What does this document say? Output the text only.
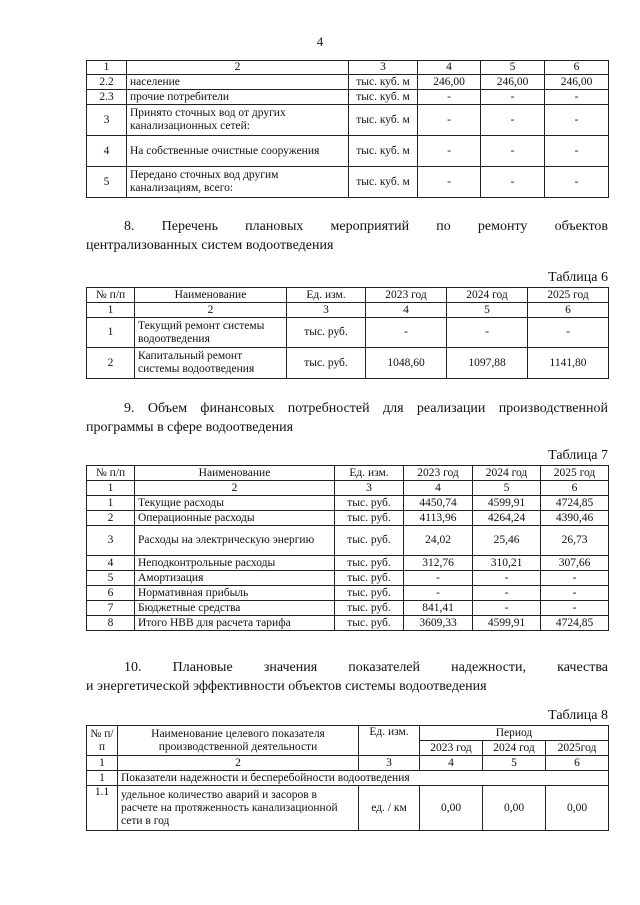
4
1	2	3	4	5	6
2.2	население	тыс. куб. м	246,00	246,00	246,00
2.3	прочие потребители	тыс. куб. м	-	-	-
3	Принято сточных вод от других канализационных сетей:	тыс. куб. м	-	-	-
4	На собственные очистные сооружения	тыс. куб. м	-	-	-
5	Передано сточных вод другим канализациям, всего:	тыс. куб. м	-	-	-
8. Перечень плановых мероприятий по ремонту объектов
централизованных систем водоотведения
Таблица 6
№ п/п	Наименование	Ед. изм.	2023 год	2024 год	2025 год
1	2	3	4	5	6
1	Текущий ремонт системы водоотведения	тыс. руб.	-	-	-
2	Капитальный ремонт системы водоотведения	тыс. руб.	1048,60	1097,88	1141,80
9. Объем финансовых потребностей для реализации производственной
программы в сфере водоотведения
Таблица 7
№ п/п	Наименование	Ед. изм.	2023 год	2024 год	2025 год
1	2	3	4	5	6
1	Текущие расходы	тыс. руб.	4450,74	4599,91	4724,85
2	Операционные расходы	тыс. руб.	4113,96	4264,24	4390,46
3	Расходы на электрическую энергию	тыс. руб.	24,02	25,46	26,73
4	Неподконтрольные расходы	тыс. руб.	312,76	310,21	307,66
5	Амортизация	тыс. руб.	-	-	-
6	Нормативная прибыль	тыс. руб.	-	-	-
7	Бюджетные средства	тыс. руб.	841,41	-	-
8	Итого НВВ для расчета тарифа	тыс. руб.	3609,33	4599,91	4724,85
10. Плановые значения показателей надежности, качества
и энергетической эффективности объектов системы водоотведения
Таблица 8
№ п/п	Наименование целевого показателя производственной деятельности	Ед. изм.	Период		
			2023 год	2024 год	2025год
1	2	3	4	5	6
1	Показатели надежности и бесперебойности водоотведения				
1.1	удельное количество аварий и засоров в расчете на протяженность канализационной сети в год	ед. / км	0,00	0,00	0,00
